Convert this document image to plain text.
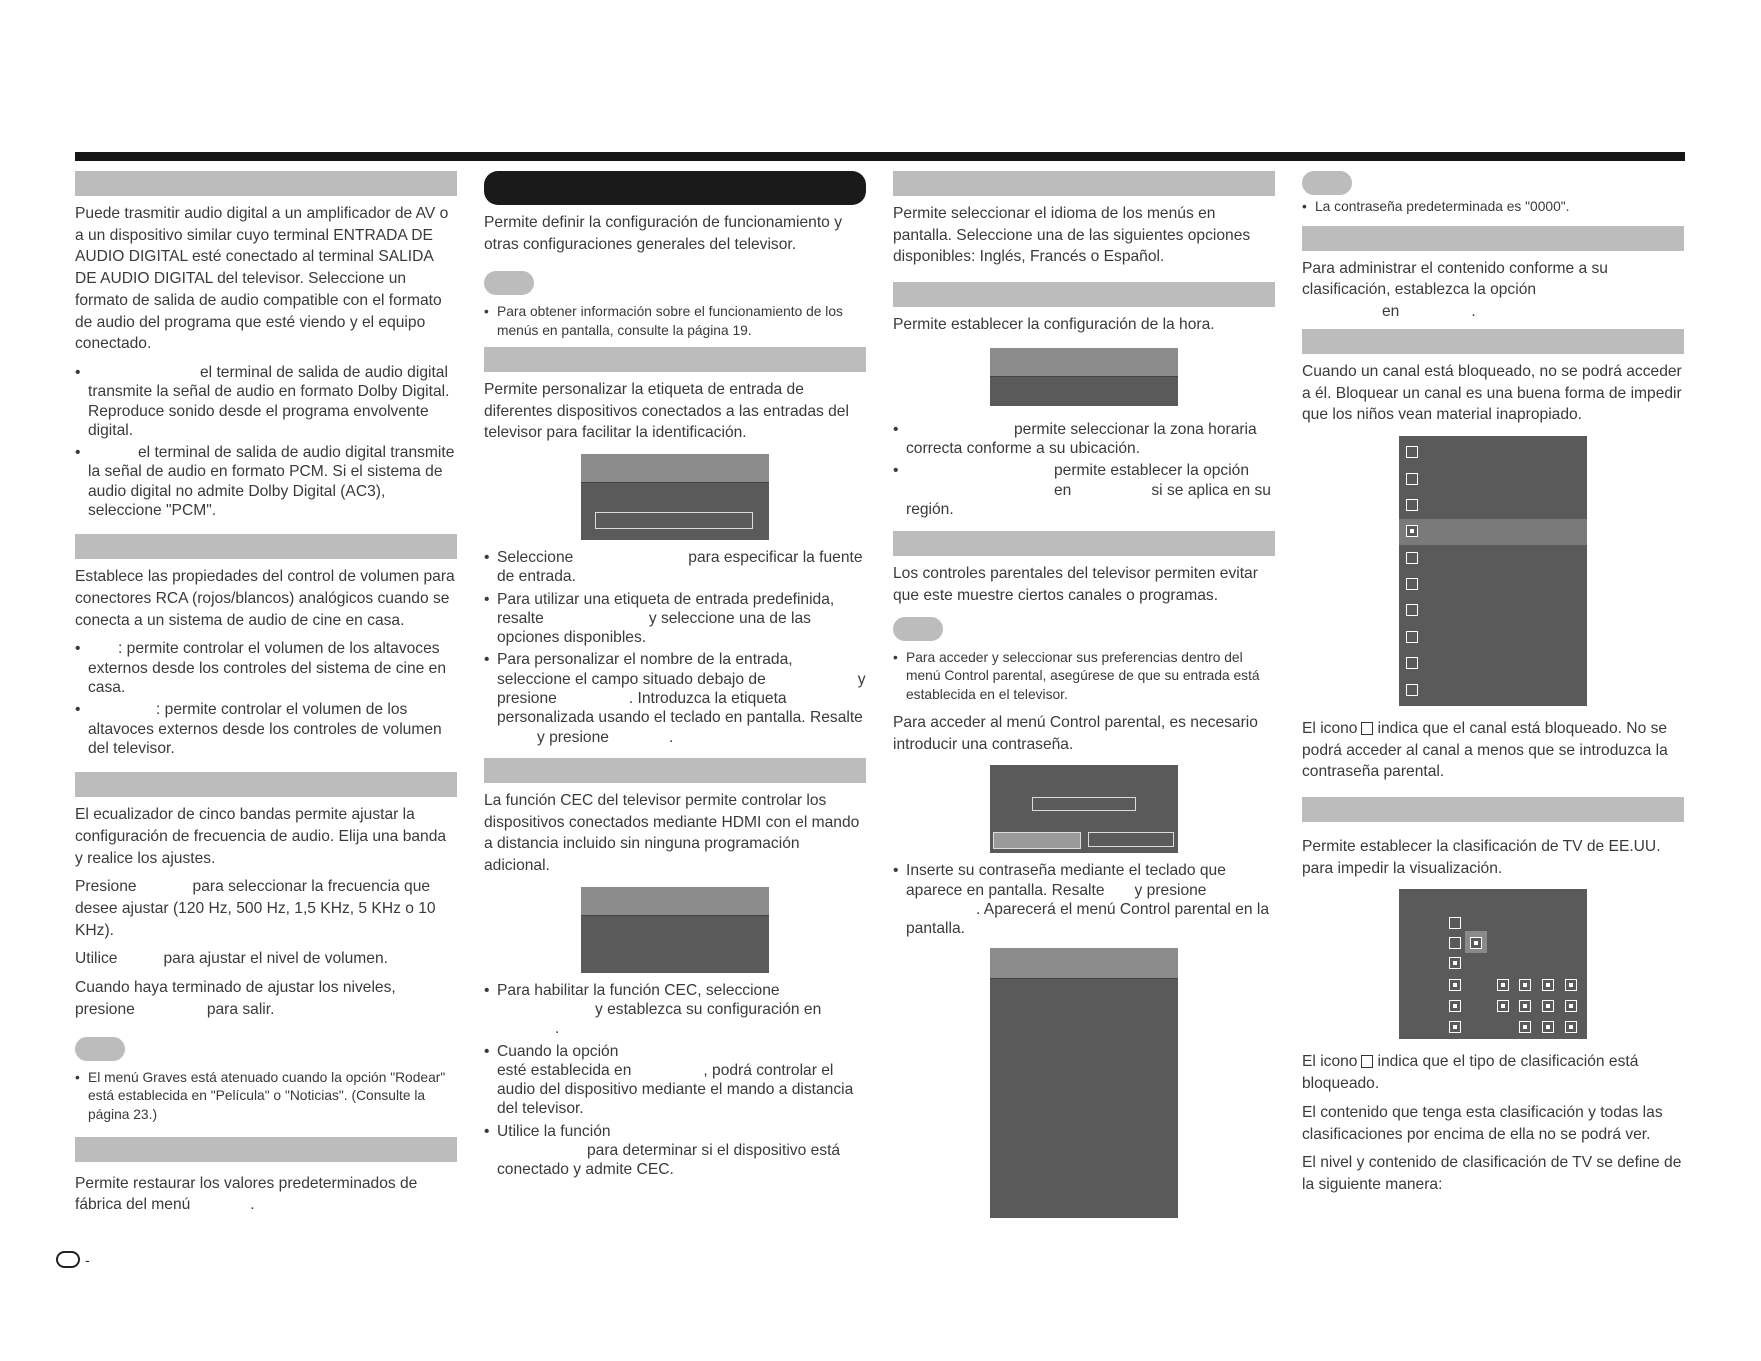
Puede trasmitir audio digital a un amplificador de AV o a un dispositivo similar cuyo terminal ENTRADA DE AUDIO DIGITAL esté conectado al terminal SALIDA DE AUDIO DIGITAL del televisor. Seleccione un formato de salida de audio compatible con el formato de audio del programa que esté viendo y el equipo conectado.

• el terminal de salida de audio digital transmite la señal de audio en formato Dolby Digital. Reproduce sonido desde el programa envolvente digital.
• el terminal de salida de audio digital transmite la señal de audio en formato PCM. Si el sistema de audio digital no admite Dolby Digital (AC3), seleccione "PCM".

Establece las propiedades del control de volumen para conectores RCA (rojos/blancos) analógicos cuando se conecta a un sistema de audio de cine en casa.

• : permite controlar el volumen de los altavoces externos desde los controles del sistema de cine en casa.
• : permite controlar el volumen de los altavoces externos desde los controles de volumen del televisor.

El ecualizador de cinco bandas permite ajustar la configuración de frecuencia de audio. Elija una banda y realice los ajustes.

Presione	para seleccionar la frecuencia que desee ajustar (120 Hz, 500 Hz, 1,5 KHz, 5 KHz o 10 KHz).

Utilice	para ajustar el nivel de volumen.

Cuando haya terminado de ajustar los niveles, presione	para salir.

• El menú Graves está atenuado cuando la opción "Rodear" está establecida en "Película" o "Noticias". (Consulte la página 23.)

Permite restaurar los valores predeterminados de fábrica del menú	.

Permite definir la configuración de funcionamiento y otras configuraciones generales del televisor.

• Para obtener información sobre el funcionamiento de los menús en pantalla, consulte la página 19.

Permite personalizar la etiqueta de entrada de diferentes dispositivos conectados a las entradas del televisor para facilitar la identificación.

• Seleccione	para especificar la fuente de entrada.
• Para utilizar una etiqueta de entrada predefinida, resalte	y seleccione una de las opciones disponibles.
• Para personalizar el nombre de la entrada, seleccione el campo situado debajo de	y presione	. Introduzca la etiqueta personalizada usando el teclado en pantalla. Resaltey presione	.

La función CEC del televisor permite controlar los dispositivos conectados mediante HDMI con el mando a distancia incluido sin ninguna programación adicional.

• Para habilitar la función CEC, seleccioney establezca su configuración en
.
• Cuando la opción
esté establecida en	, podrá controlar el audio del dispositivo mediante el mando a distancia del televisor.
• Utilice la función
para determinar si el dispositivo está conectado y admite CEC.

Permite seleccionar el idioma de los menús en pantalla. Seleccione una de las siguientes opciones disponibles: Inglés, Francés o Español.

Permite establecer la configuración de la hora.

• permite seleccionar la zona horaria correcta conforme a su ubicación.
• permite establecer la opción
en	si se aplica en su región.

Los controles parentales del televisor permiten evitar que este muestre ciertos canales o programas.

• Para acceder y seleccionar sus preferencias dentro del menú Control parental, asegúrese de que su entrada está establecida en el televisor.

Para acceder al menú Control parental, es necesario introducir una contraseña.

• Inserte su contraseña mediante el teclado que aparece en pantalla. Resalte y presione
. Aparecerá el menú Control parental en la pantalla.
• La contraseña predeterminada es "0000".

Para administrar el contenido conforme a su clasificación, establezca la opción
en	.

Cuando un canal está bloqueado, no se podrá acceder a él. Bloquear un canal es una buena forma de impedir que los niños vean material inapropiado.

El icono indica que el canal está bloqueado. No se podrá acceder al canal a menos que se introduzca la contraseña parental.

Permite establecer la clasificación de TV de EE.UU. para impedir la visualización.

El icono indica que el tipo de clasificación está bloqueado.

El contenido que tenga esta clasificación y todas las clasificaciones por encima de ella no se podrá ver.

El nivel y contenido de clasificación de TV se define de la siguiente manera:

-
